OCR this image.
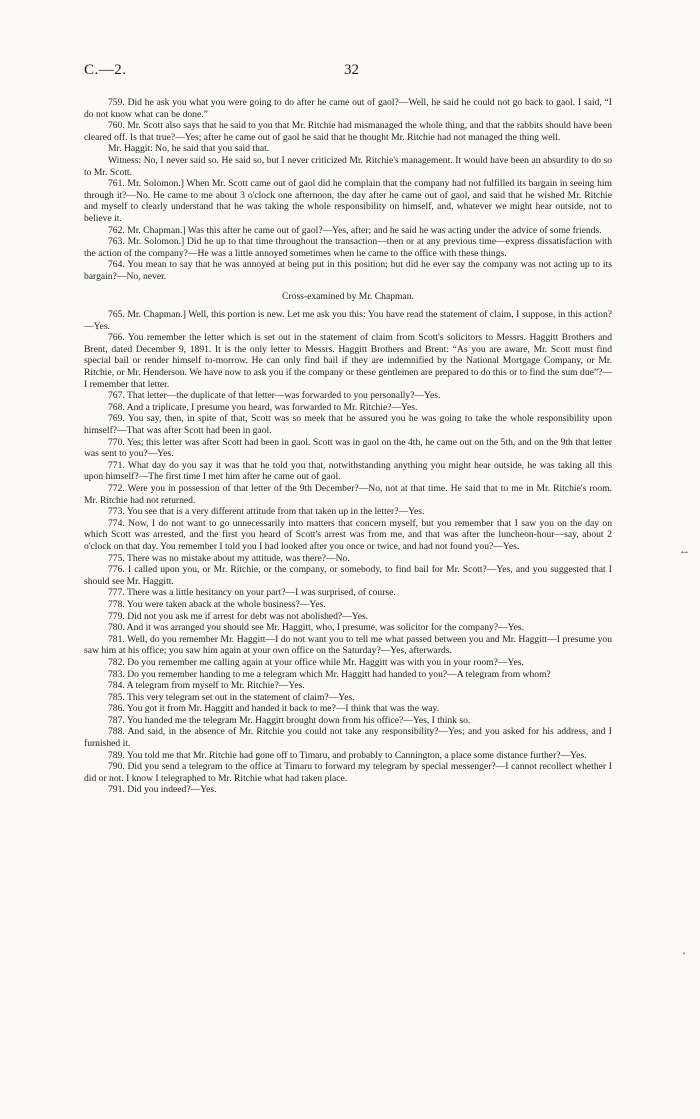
C.—2.	32

759. Did he ask you what you were going to do after he came out of gaol?—Well, he said he could not go back to gaol. I said, “I do not know what can be done.”

760. Mr. Scott also says that he said to you that Mr. Ritchie had mismanaged the whole thing, and that the rabbits should have been cleared off. Is that true?—Yes; after he came out of gaol he said that he thought Mr. Ritchie had not managed the thing well.

Mr. Haggit: No, he said that you said that.

Witness: No, I never said so. He said so, but I never criticized Mr. Ritchie's management. It would have been an absurdity to do so to Mr. Scott.

761. Mr. Solomon.] When Mr. Scott came out of gaol did he complain that the company had not fulfilled its bargain in seeing him through it?—No. He came to me about 3 o'clock one afternoon, the day after he came out of gaol, and said that he wished Mr. Ritchie and myself to clearly understand that he was taking the whole responsibility on himself, and, whatever we might hear outside, not to believe it.

762. Mr. Chapman.] Was this after he came out of gaol?—Yes, after; and he said he was acting under the advice of some friends.

763. Mr. Solomon.] Did he up to that time throughout the transaction—then or at any previous time—express dissatisfaction with the action of the company?—He was a little annoyed sometimes when he came to the office with these things.

764. You mean to say that he was annoyed at being put in this position; but did he ever say the company was not acting up to its bargain?—No, never.

Cross-examined by Mr. Chapman.

765. Mr. Chapman.] Well, this portion is new. Let me ask you this: You have read the statement of claim, I suppose, in this action?—Yes.

766. You remember the letter which is set out in the statement of claim from Scott's solicitors to Messrs. Haggitt Brothers and Brent, dated December 9, 1891. It is the only letter to Messrs. Haggitt Brothers and Brent: “As you are aware, Mr. Scott must find special bail or render himself to-morrow. He can only find bail if they are indemnified by the National Mortgage Company, or Mr. Ritchie, or Mr. Henderson. We have now to ask you if the company or these gentlemen are prepared to do this or to find the sum due”?—I remember that letter.

767. That letter—the duplicate of that letter—was forwarded to you personally?—Yes.

768. And a triplicate, I presume you heard, was forwarded to Mr. Ritchie?—Yes.

769. You say, then, in spite of that, Scott was so meek that he assured you he was going to take the whole responsibility upon himself?—That was after Scott had been in gaol.

770. Yes; this letter was after Scott had been in gaol. Scott was in gaol on the 4th, he came out on the 5th, and on the 9th that letter was sent to you?—Yes.

771. What day do you say it was that he told you that, notwithstanding anything you might hear outside, he was taking all this upon himself?—The first time I met him after he came out of gaol.

772. Were you in possession of that letter of the 9th December?—No, not at that time. He said that to me in Mr. Ritchie's room. Mr. Ritchie had not returned.

773. You see that is a very different attitude from that taken up in the letter?—Yes.

774. Now, I do not want to go unnecessarily into matters that concern myself, but you remember that I saw you on the day on which Scott was arrested, and the first you heard of Scott's arrest was from me, and that was after the luncheon-hour—say, about 2 o'clock on that day. You remember I told you I had looked after you once or twice, and had not found you?—Yes.

775. There was no mistake about my attitude, was there?—No.

776. I called upon you, or Mr. Ritchie, or the company, or somebody, to find bail for Mr. Scott?—Yes, and you suggested that I should see Mr. Haggitt.

777. There was a little hesitancy on your part?—I was surprised, of course.

778. You were taken aback at the whole business?—Yes.

779. Did not you ask me if arrest for debt was not abolished?—Yes.

780. And it was arranged you should see Mr. Haggitt, who, I presume, was solicitor for the company?—Yes.

781. Well, do you remember Mr. Haggitt—I do not want you to tell me what passed between you and Mr. Haggitt—I presume you saw him at his office; you saw him again at your own office on the Saturday?—Yes, afterwards.

782. Do you remember me calling again at your office while Mr. Haggitt was with you in your room?—Yes.

783. Do you remember handing to me a telegram which Mr. Haggitt had handed to you?—A telegram from whom?

784. A telegram from myself to Mr. Ritchie?—Yes.

785. This very telegram set out in the statement of claim?—Yes.

786. You got it from Mr. Haggitt and handed it back to me?—I think that was the way.

787. You handed me the telegram Mr. Haggitt brought down from his office?—Yes, I think so.

788. And said, in the absence of Mr. Ritchie you could not take any responsibility?—Yes; and you asked for his address, and I furnished it.

789. You told me that Mr. Ritchie had gone off to Timaru, and probably to Cannington, a place some distance further?—Yes.

790. Did you send a telegram to the office at Timaru to forward my telegram by special messenger?—I cannot recollect whether I did or not. I know I telegraphed to Mr. Ritchie what had taken place.

791. Did you indeed?—Yes.

↔
‘
